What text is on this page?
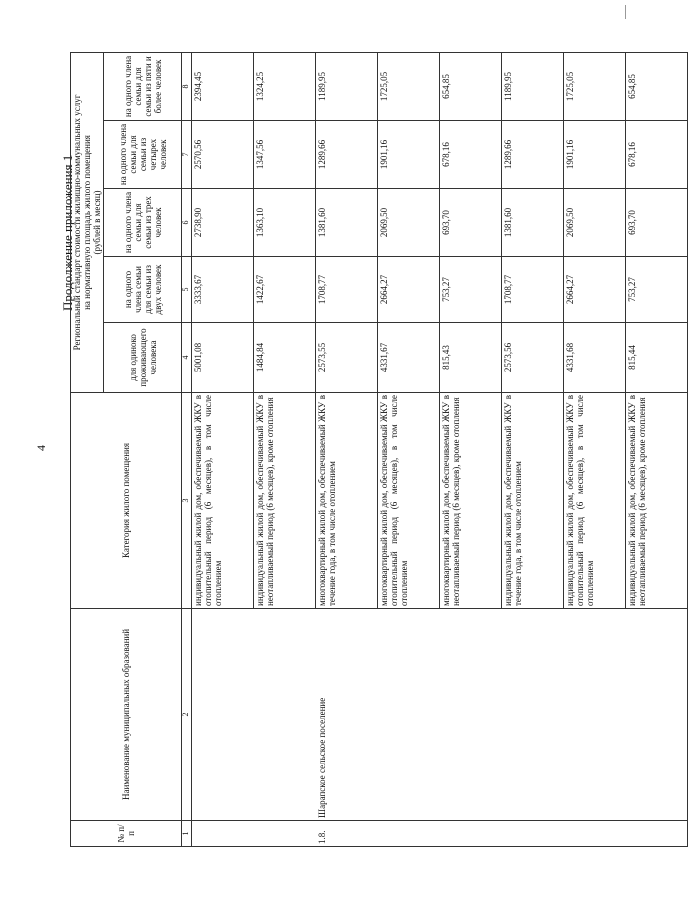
4
Продолжение приложения 1
№ п/п	Наименование муниципальных образований	Категория жилого помещения	Региональный стандарт стоимости жилищно-коммунальных услуг				
			на нормативную площадь жилого помещения				
			(рублей в месяц)				
			для одиноко проживающего человека	на одного члена семьи для семьи из двух человек	на одного члена семьи для семьи из трех человек	на одного члена семьи для семьи из четырех человек	на одного члена семьи для семьи из пяти и более человек
1	2	3	4	5	6	7	8
		индивидуальный жилой дом, обеспечиваемый ЖКУ в отопительный период (6 месяцев), в том числе отоплением	5001,08	3333,67	2738,90	2570,56	2394,45
		индивидуальный жилой дом, обеспечиваемый ЖКУ в неотапливаемый период (6 месяцев), кроме отопления	1484,84	1422,67	1363,10	1347,56	1324,25
1.8.	Шарапское сельское поселение	многоквартирный жилой дом, обеспечиваемый ЖКУ в течение года, в том числе отоплением	2573,55	1708,77	1381,60	1289,66	1189,95
		многоквартирный жилой дом, обеспечиваемый ЖКУ в отопительный период (6 месяцев), в том числе отоплением	4331,67	2664,27	2069,50	1901,16	1725,05
		многоквартирный жилой дом, обеспечиваемый ЖКУ в неотапливаемый период (6 месяцев), кроме отопления	815,43	753,27	693,70	678,16	654,85
		индивидуальный жилой дом, обеспечиваемый ЖКУ в течение года, в том числе отоплением	2573,56	1708,77	1381,60	1289,66	1189,95
		индивидуальный жилой дом, обеспечиваемый ЖКУ в отопительный период (6 месяцев), в том числе отоплением	4331,68	2664,27	2069,50	1901,16	1725,05
		индивидуальный жилой дом, обеспечиваемый ЖКУ в неотапливаемый период (6 месяцев), кроме отопления	815,44	753,27	693,70	678,16	654,85
